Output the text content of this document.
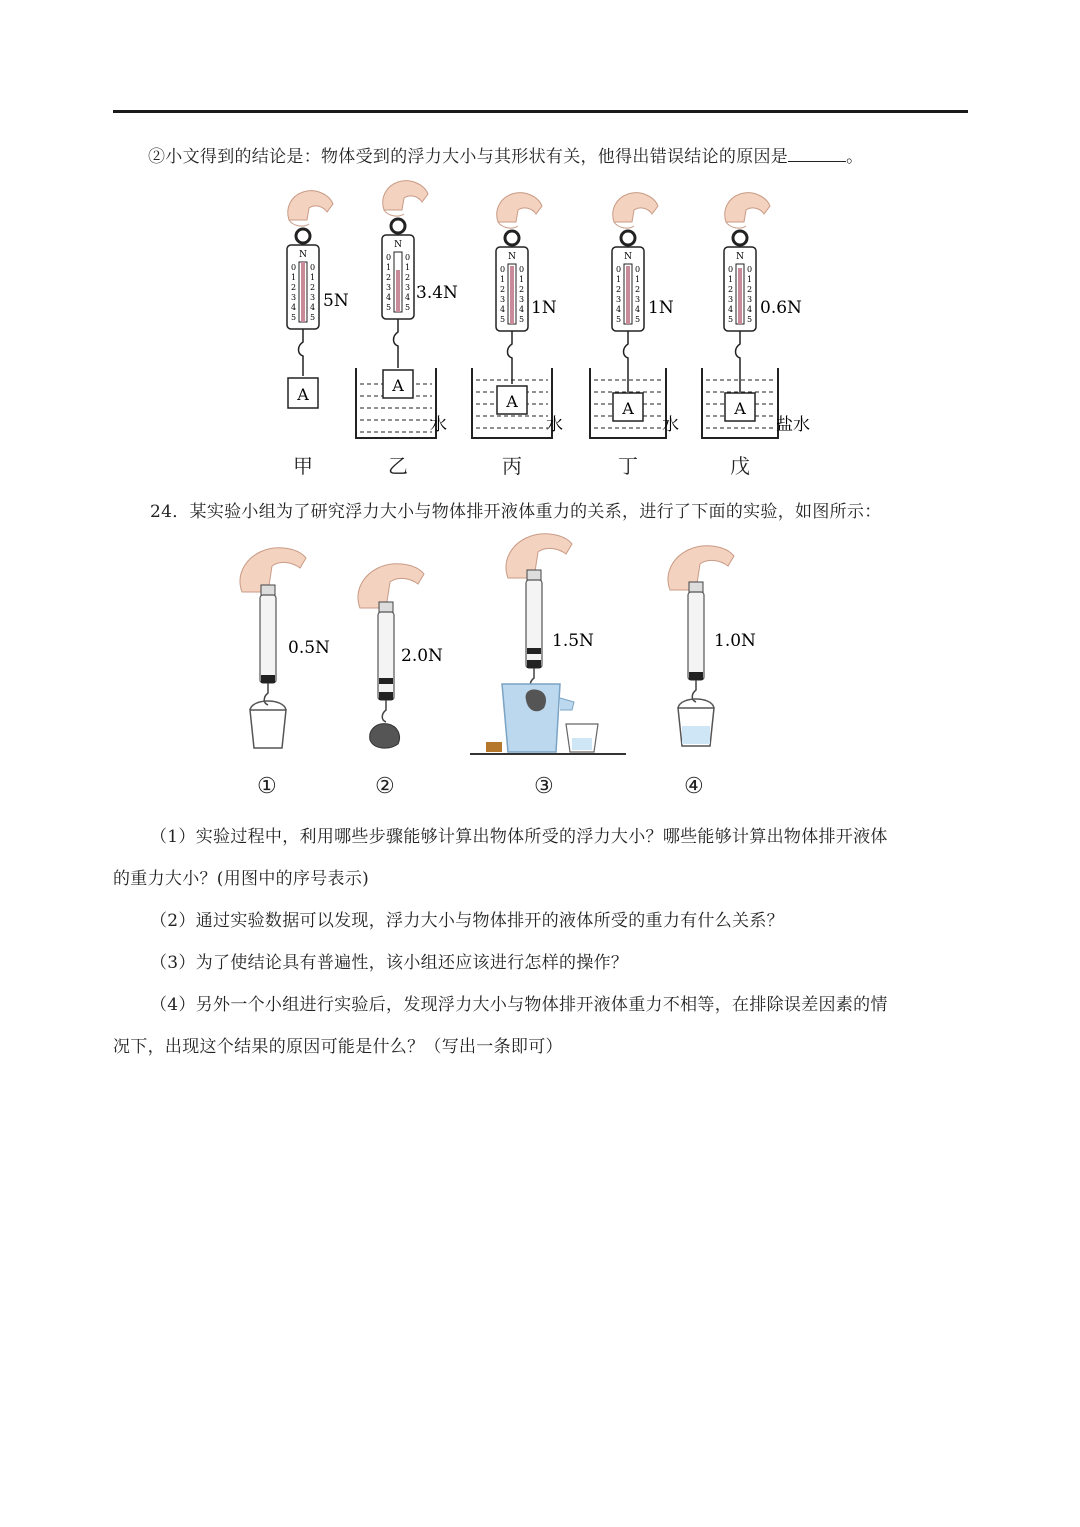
②小文得到的结论是：物体受到的浮力大小与其形状有关，他得出错误结论的原因是	。
N
0
1
2
3
4
5
0
1
2
3
4
5
5N
A
N
0
1
2
3
4
5
0
1
2
3
4
5
3.4N
A
水
N
0
1
2
3
4
5
0
1
2
3
4
5
1N
A
水
N
0
1
2
3
4
5
0
1
2
3
4
5
1N
A
水
N
0
1
2
3
4
5
0
1
2
3
4
5
0.6N
A
盐水
甲	乙	丙	丁	戊
24．某实验小组为了研究浮力大小与物体排开液体重力的关系，进行了下面的实验，如图所示：
0.5N	2.0N
1.5N	1.0N
①	②	③	④
（1）实验过程中，利用哪些步骤能够计算出物体所受的浮力大小？哪些能够计算出物体排开液体
的重力大小？(用图中的序号表示)
（2）通过实验数据可以发现，浮力大小与物体排开的液体所受的重力有什么关系？
（3）为了使结论具有普遍性，该小组还应该进行怎样的操作？
（4）另外一个小组进行实验后，发现浮力大小与物体排开液体重力不相等，在排除误差因素的情
况下，出现这个结果的原因可能是什么？（写出一条即可）
